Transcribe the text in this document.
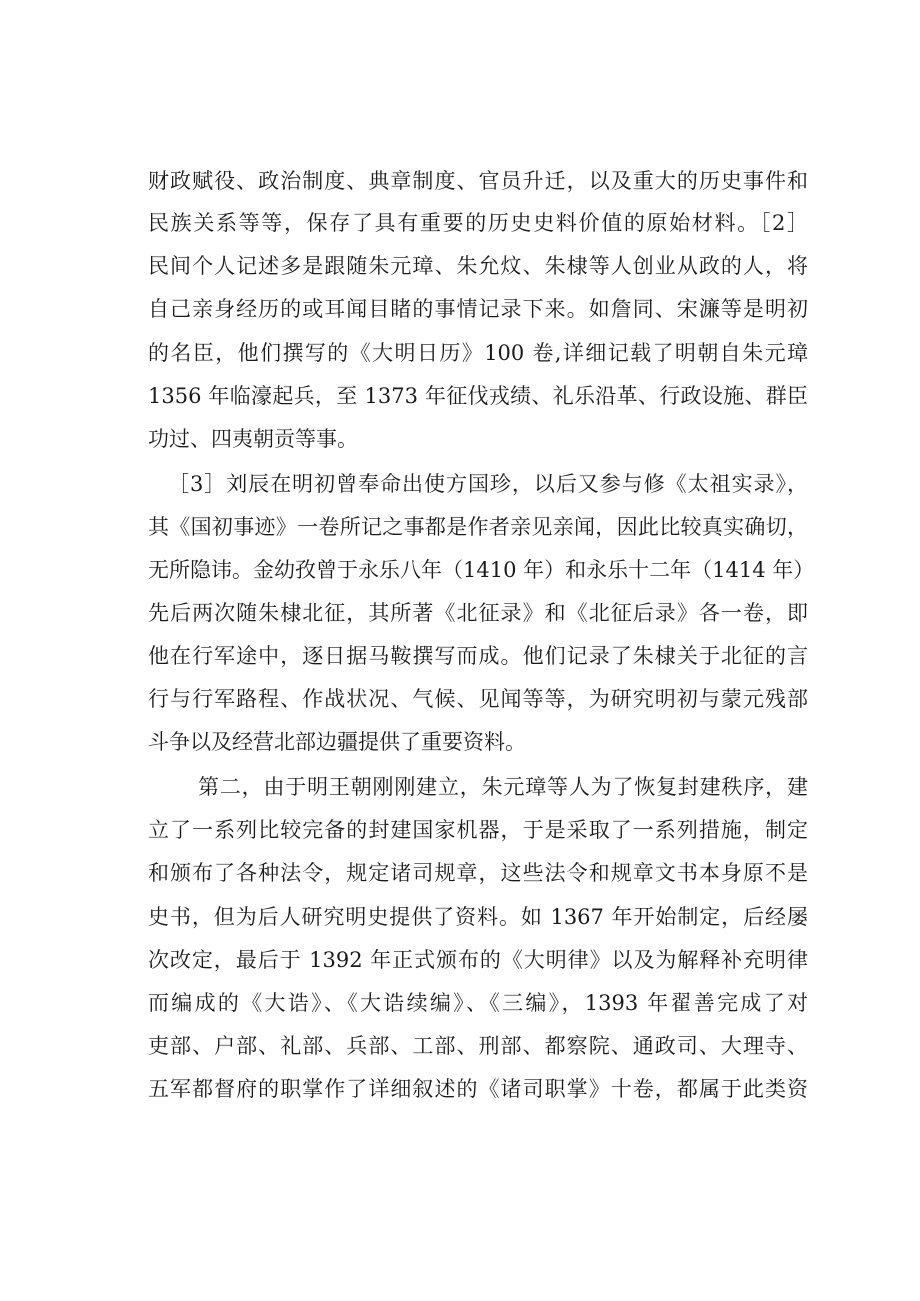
财政赋役、政治制度、典章制度、官员升迁，以及重大的历史事件和
民族关系等等，保存了具有重要的历史史料价值的原始材料。［2］
民间个人记述多是跟随朱元璋、朱允炆、朱棣等人创业从政的人，将
自己亲身经历的或耳闻目睹的事情记录下来。如詹同、宋濂等是明初
的名臣，他们撰写的《大明日历》100 卷,详细记载了明朝自朱元璋
1356 年临濠起兵，至 1373 年征伐戎绩、礼乐沿革、行政设施、群臣
功过、四夷朝贡等事。
［3］刘辰在明初曾奉命出使方国珍，以后又参与修《太祖实录》，
其《国初事迹》一卷所记之事都是作者亲见亲闻，因此比较真实确切，
无所隐讳。金幼孜曾于永乐八年（1410 年）和永乐十二年（1414 年）
先后两次随朱棣北征，其所著《北征录》和《北征后录》各一卷，即
他在行军途中，逐日据马鞍撰写而成。他们记录了朱棣关于北征的言
行与行军路程、作战状况、气候、见闻等等，为研究明初与蒙元残部
斗争以及经营北部边疆提供了重要资料。
第二，由于明王朝刚刚建立，朱元璋等人为了恢复封建秩序，建
立了一系列比较完备的封建国家机器，于是采取了一系列措施，制定
和颁布了各种法令，规定诸司规章，这些法令和规章文书本身原不是
史书，但为后人研究明史提供了资料。如 1367 年开始制定，后经屡
次改定，最后于 1392 年正式颁布的《大明律》以及为解释补充明律
而编成的《大诰》、《大诰续编》、《三编》，1393 年翟善完成了对
吏部、户部、礼部、兵部、工部、刑部、都察院、通政司、大理寺、
五军都督府的职掌作了详细叙述的《诸司职掌》十卷，都属于此类资
